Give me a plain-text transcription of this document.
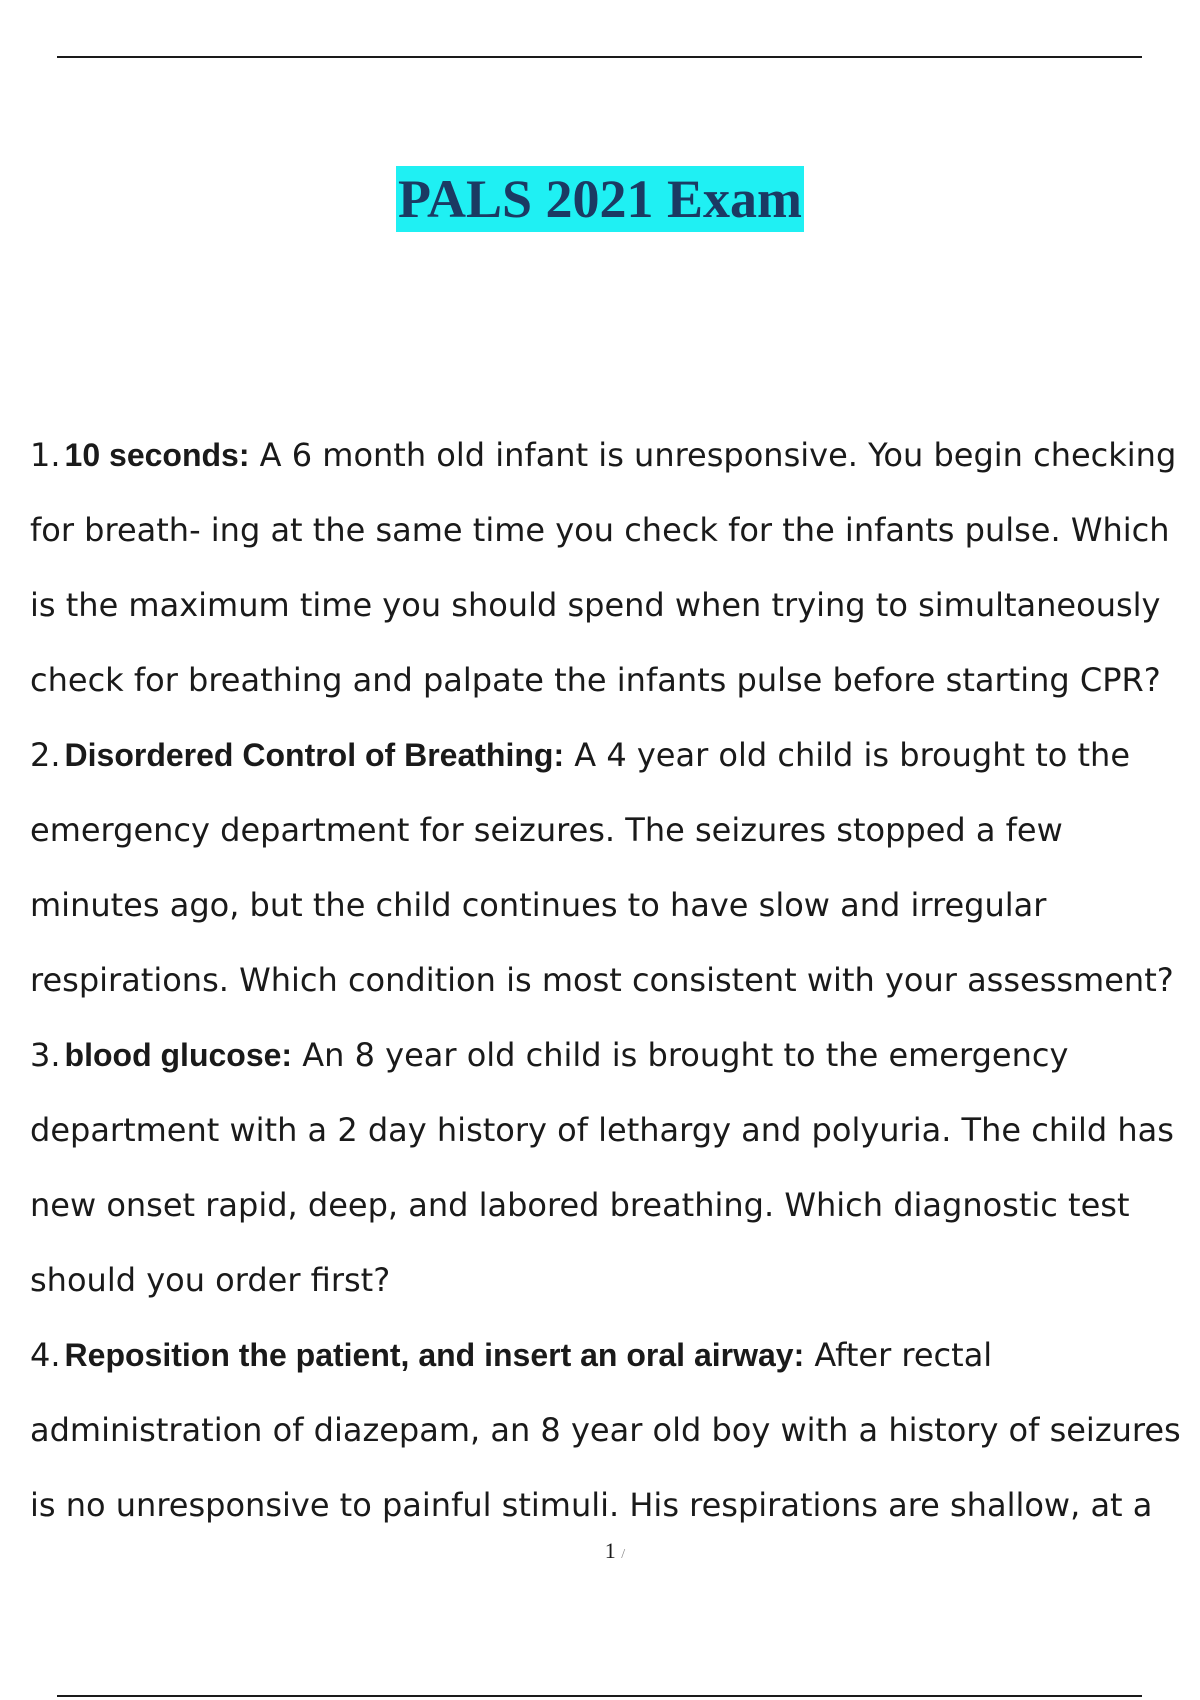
PALS 2021 Exam
1. 10 seconds: A 6 month old infant is unresponsive. You begin checking for breath- ing at the same time you check for the infants pulse. Which is the maximum time you should spend when trying to simultaneously check for breathing and palpate the infants pulse before starting CPR?
2. Disordered Control of Breathing: A 4 year old child is brought to the emergency department for seizures. The seizures stopped a few minutes ago, but the child continues to have slow and irregular respirations. Which condition is most consistent with your assessment?
3. blood glucose: An 8 year old child is brought to the emergency department with a 2 day history of lethargy and polyuria. The child has new onset rapid, deep, and labored breathing. Which diagnostic test should you order first?
4. Reposition the patient, and insert an oral airway: After rectal administration of diazepam, an 8 year old boy with a history of seizures is no unresponsive to painful stimuli. His respirations are shallow, at a
1 /
